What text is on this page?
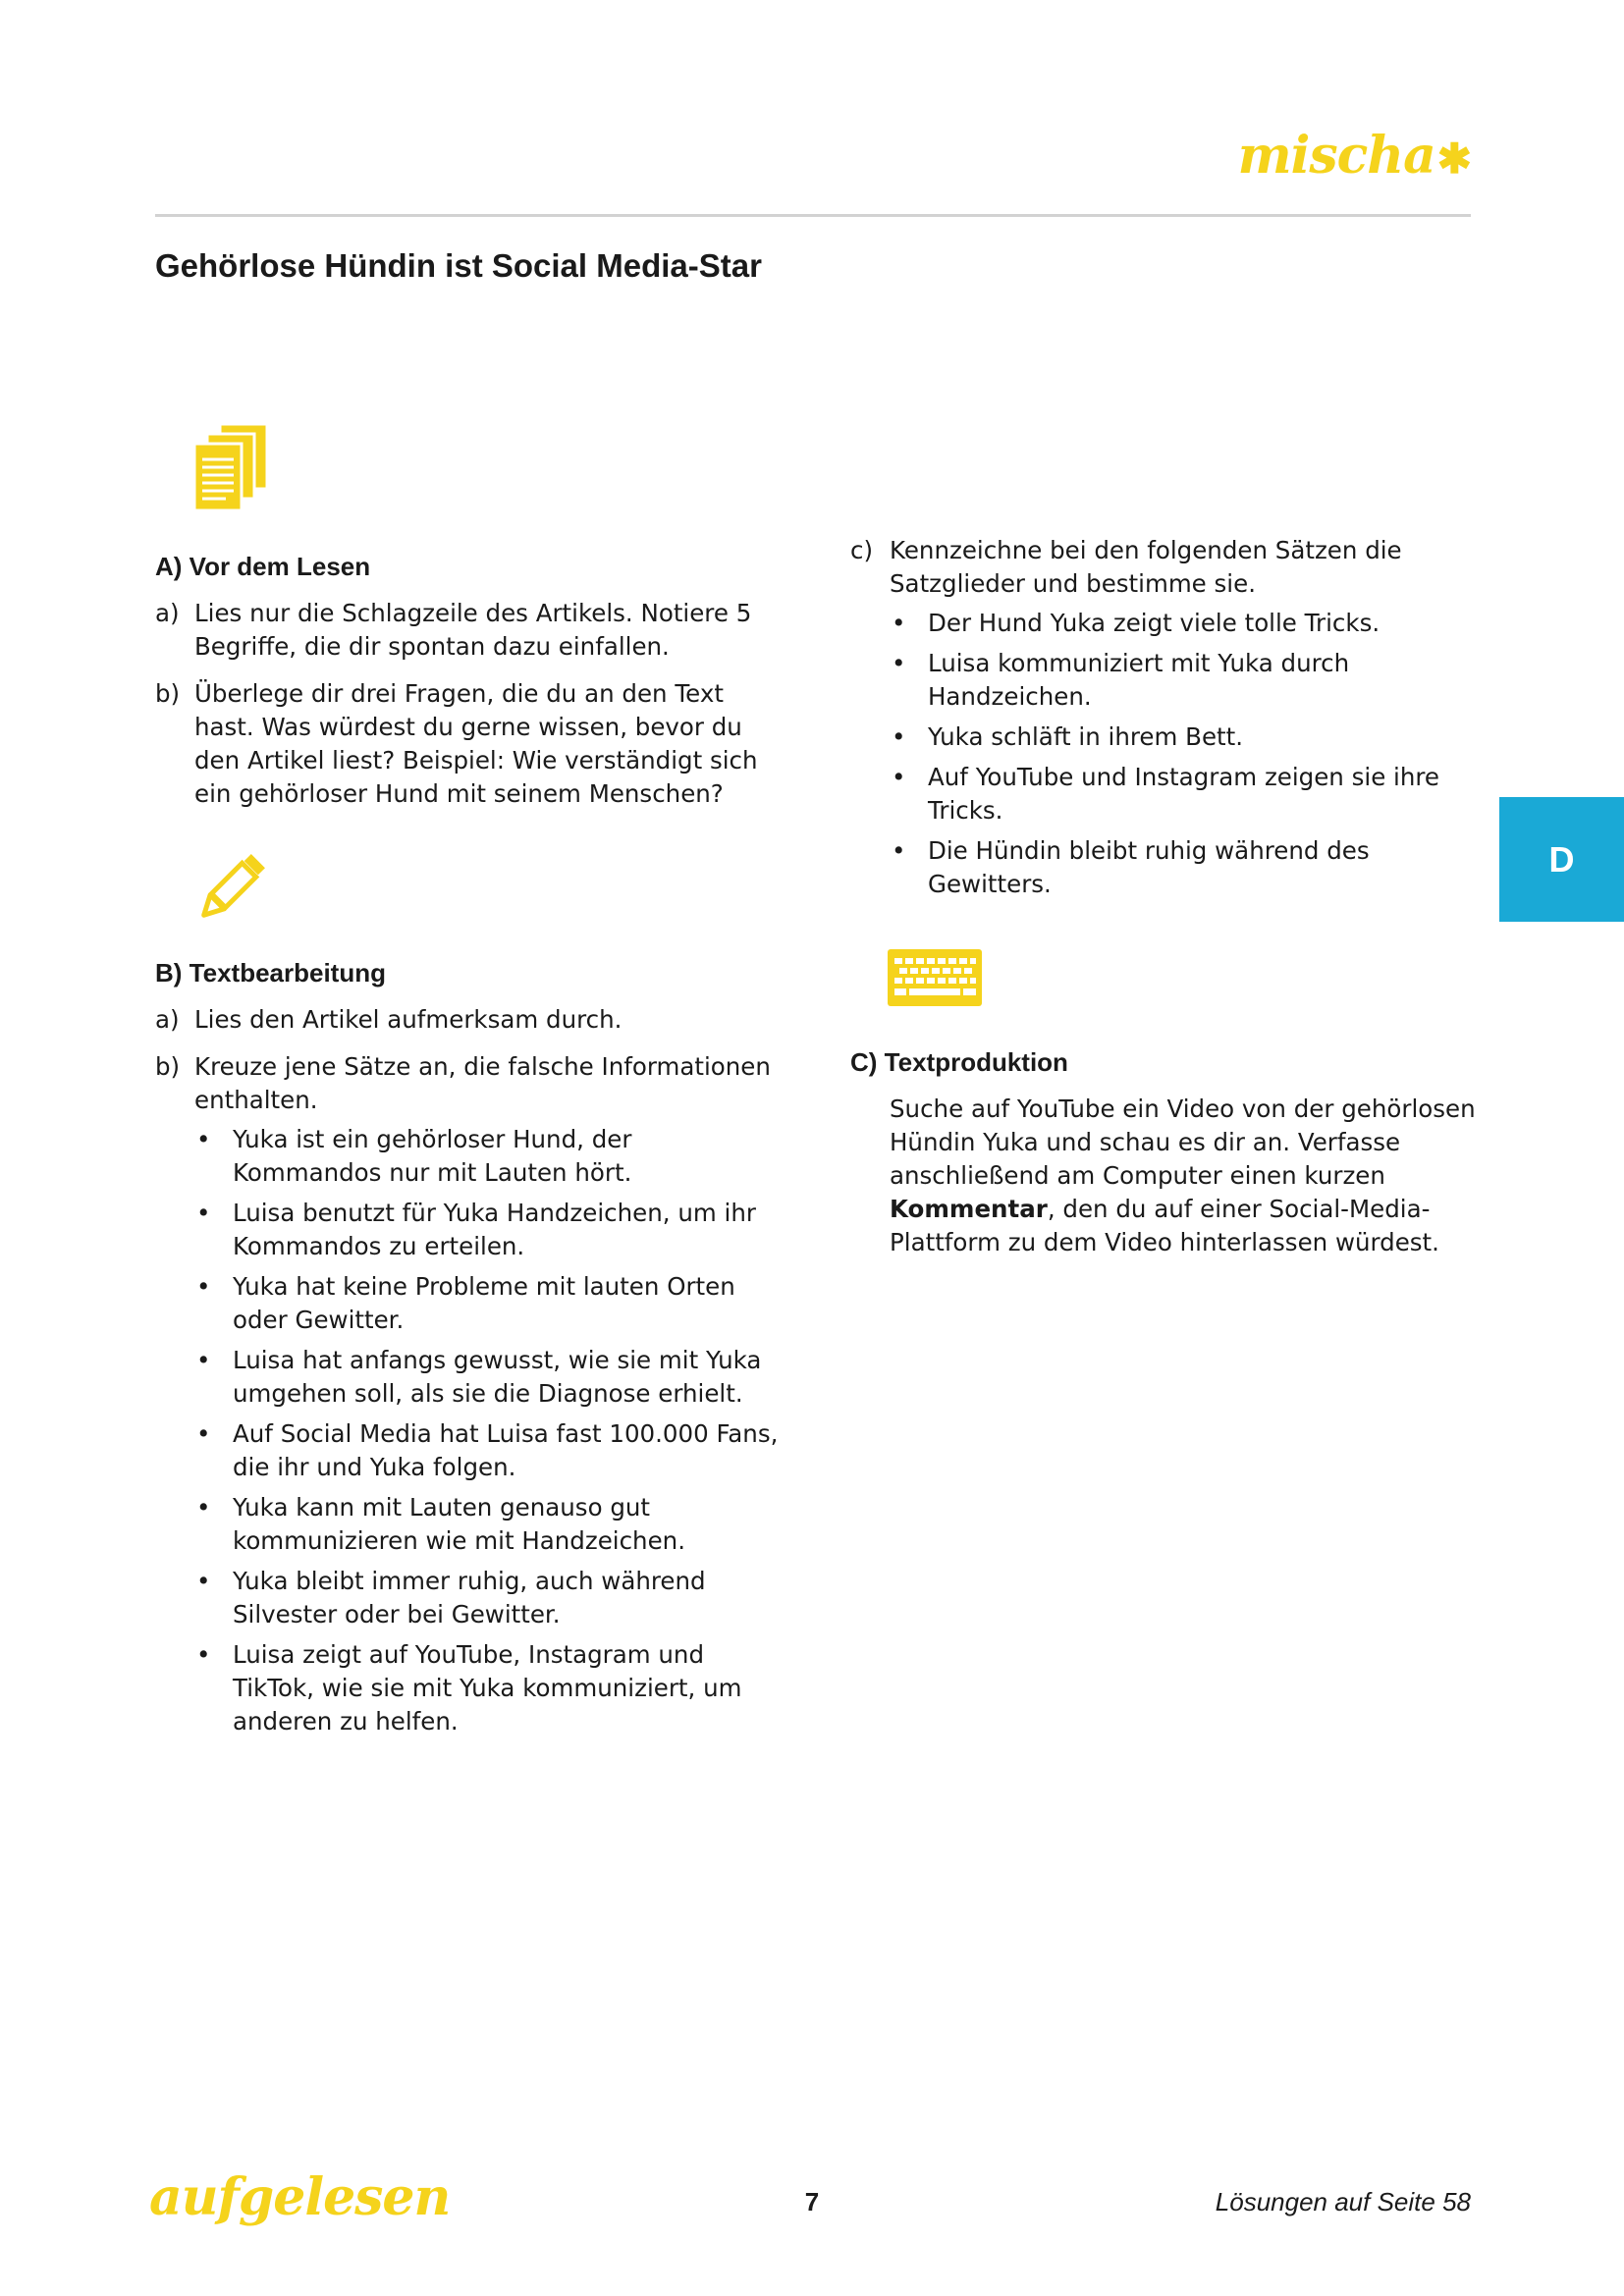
mischa✱
Gehörlose Hündin ist Social Media-Star
D
A) Vor dem Lesen
a) Lies nur die Schlagzeile des Artikels. Notiere 5 Begriffe, die dir spontan dazu einfallen.
b) Überlege dir drei Fragen, die du an den Text hast. Was würdest du gerne wissen, bevor du den Artikel liest? Beispiel: Wie verständigt sich ein gehörloser Hund mit seinem Menschen?
B) Textbearbeitung
a) Lies den Artikel aufmerksam durch.
b) Kreuze jene Sätze an, die falsche Informationen enthalten.
• Yuka ist ein gehörloser Hund, der Kommandos nur mit Lauten hört.
• Luisa benutzt für Yuka Handzeichen, um ihr Kommandos zu erteilen.
• Yuka hat keine Probleme mit lauten Orten oder Gewitter.
• Luisa hat anfangs gewusst, wie sie mit Yuka umgehen soll, als sie die Diagnose erhielt.
• Auf Social Media hat Luisa fast 100.000 Fans, die ihr und Yuka folgen.
• Yuka kann mit Lauten genauso gut kommunizieren wie mit Handzeichen.
• Yuka bleibt immer ruhig, auch während Silvester oder bei Gewitter.
• Luisa zeigt auf YouTube, Instagram und TikTok, wie sie mit Yuka kommuniziert, um anderen zu helfen.
c) Kennzeichne bei den folgenden Sätzen die Satzglieder und bestimme sie.
• Der Hund Yuka zeigt viele tolle Tricks.
• Luisa kommuniziert mit Yuka durch Handzeichen.
• Yuka schläft in ihrem Bett.
• Auf YouTube und Instagram zeigen sie ihre Tricks.
• Die Hündin bleibt ruhig während des Gewitters.
C) Textproduktion

Suche auf YouTube ein Video von der gehörlosen Hündin Yuka und schau es dir an. Verfasse anschließend am Computer einen kurzen Kommentar, den du auf einer Social-Media-Plattform zu dem Video hinterlassen würdest.

aufgelesen	7	Lösungen auf Seite 58
